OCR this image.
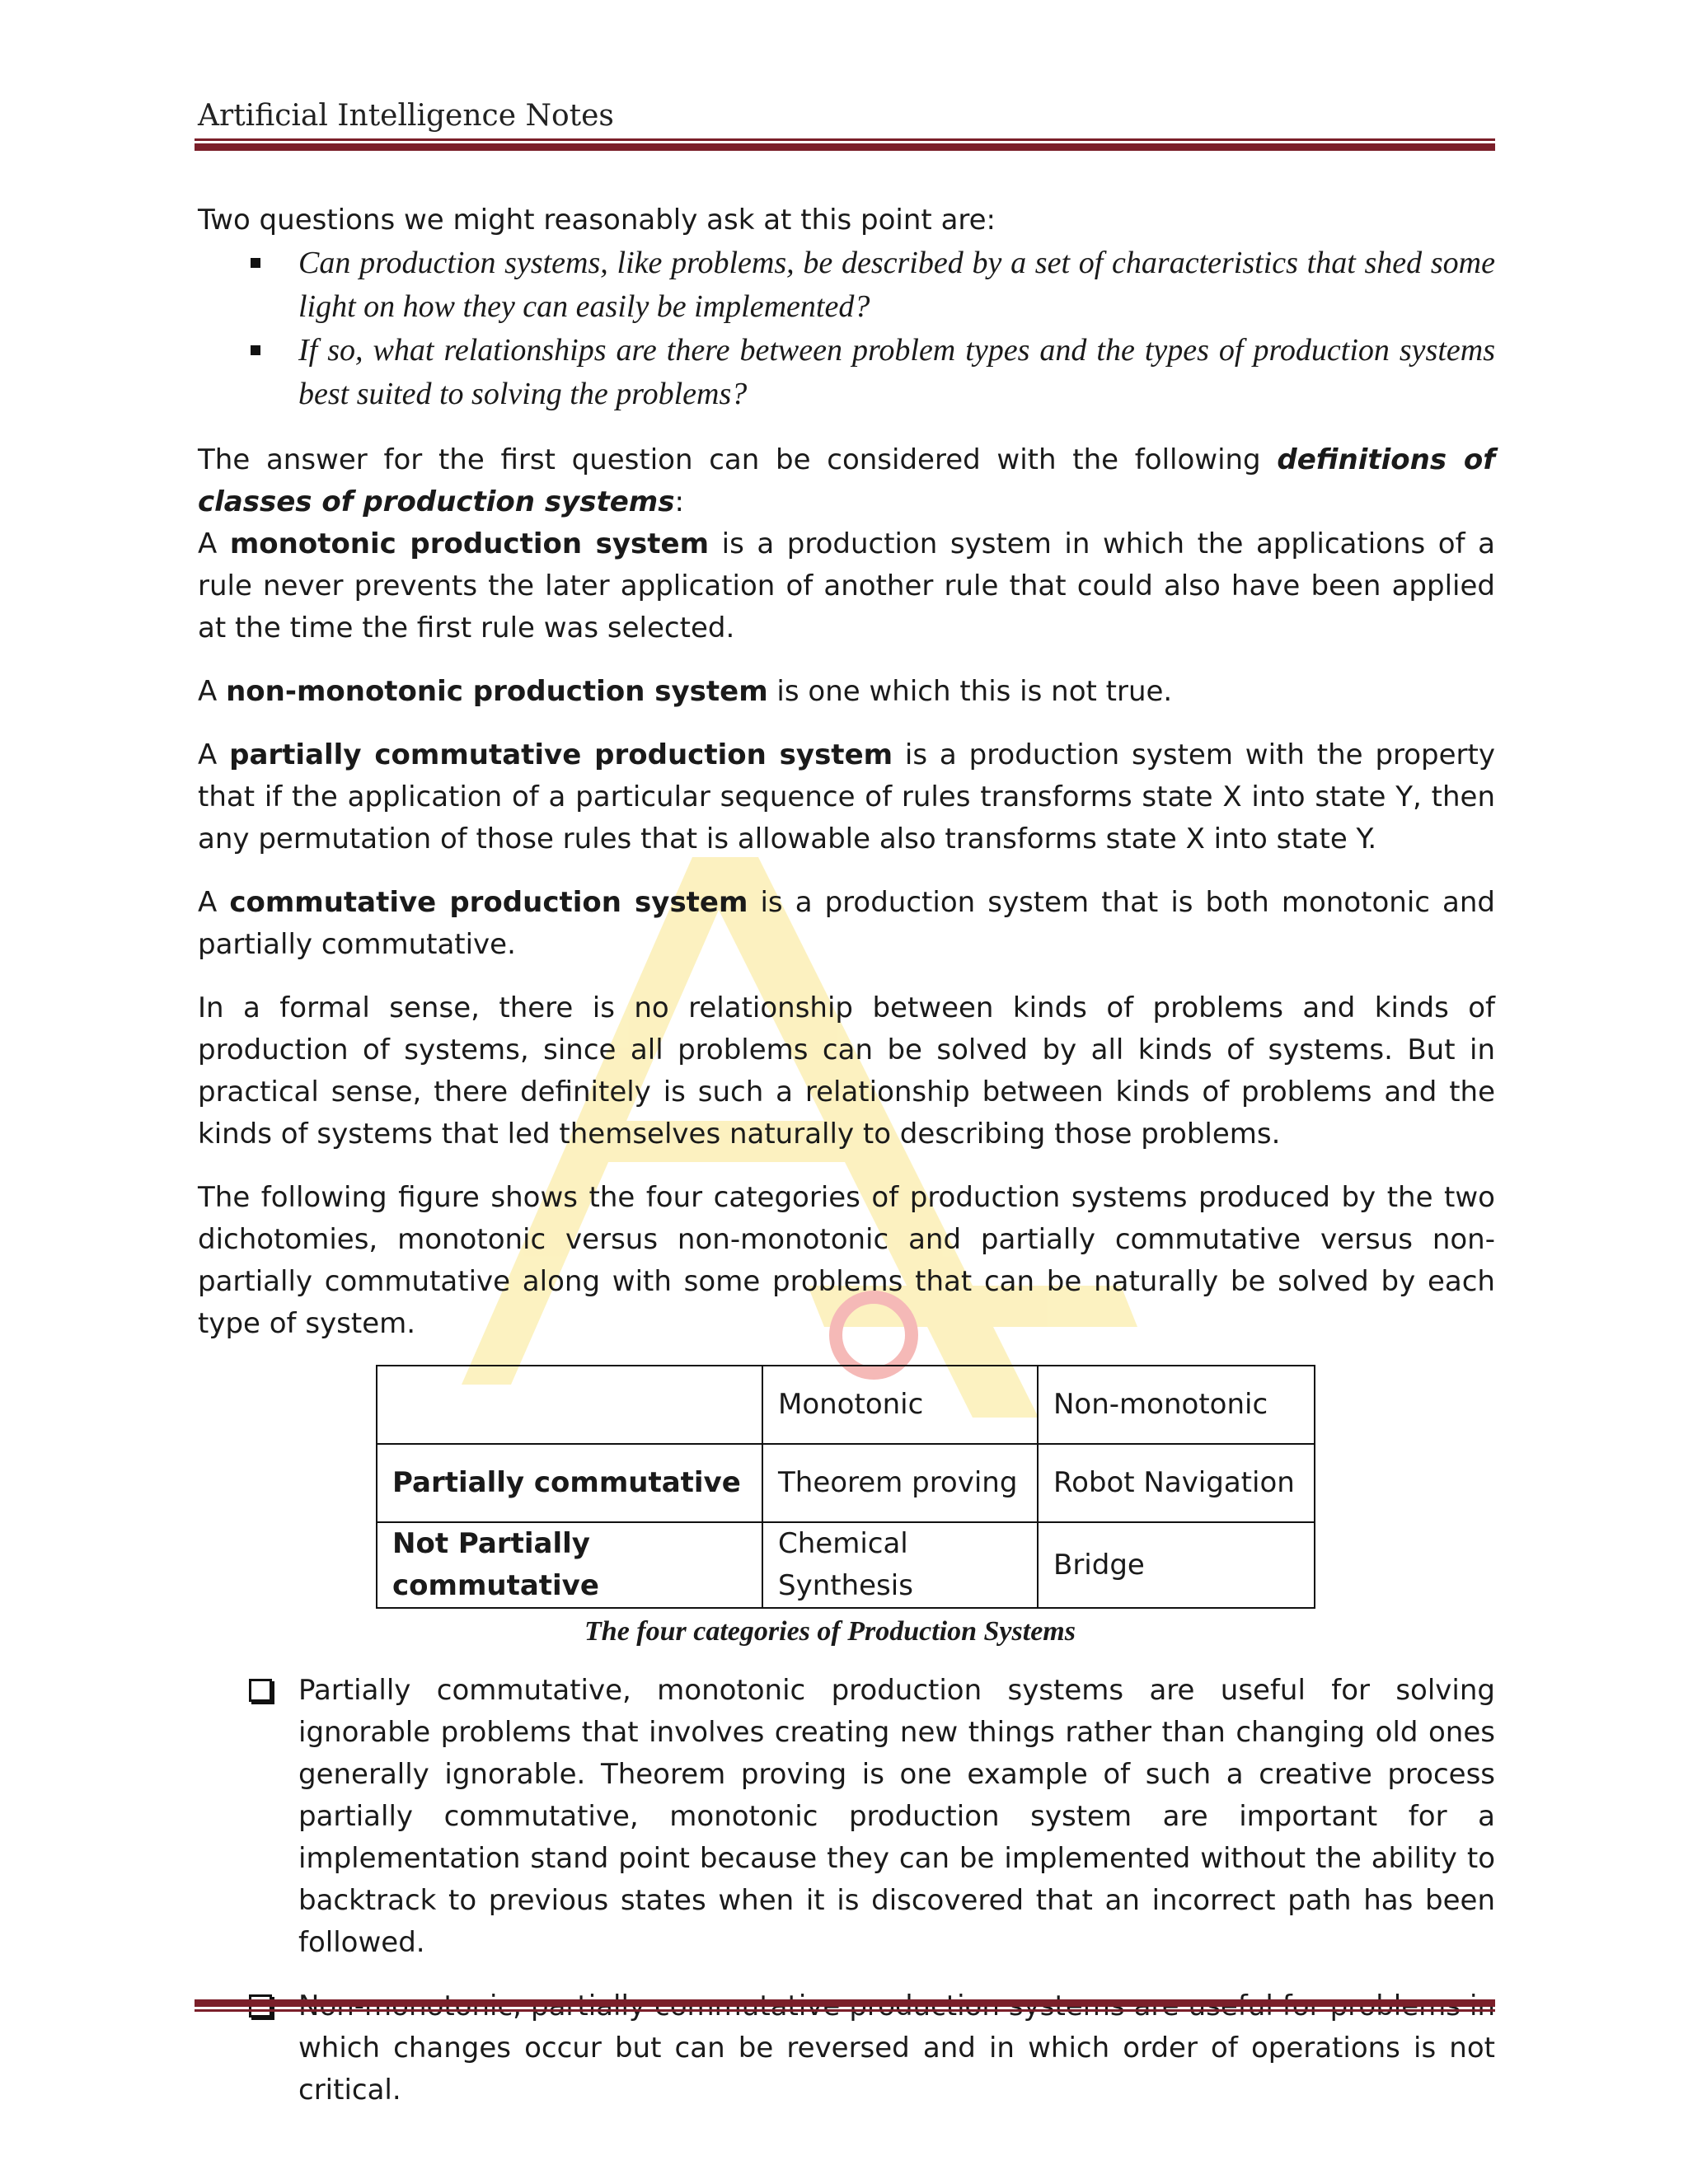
Artificial Intelligence Notes

Two questions we might reasonably ask at this point are:

Can production systems, like problems, be described by a set of characteristics that shed some light on how they can easily be implemented?
If so, what relationships are there between problem types and the types of production systems best suited to solving the problems?

The answer for the first question can be considered with the following definitions of classes of production systems:

A monotonic production system is a production system in which the applications of a rule never prevents the later application of another rule that could also have been applied at the time the first rule was selected.

A non-monotonic production system is one which this is not true.

A partially commutative production system is a production system with the property that if the application of a particular sequence of rules transforms state X into state Y, then any permutation of those rules that is allowable also transforms state X into state Y.

A commutative production system is a production system that is both monotonic and partially commutative.

In a formal sense, there is no relationship between kinds of problems and kinds of production of systems, since all problems can be solved by all kinds of systems. But in practical sense, there definitely is such a relationship between kinds of problems and the kinds of systems that led themselves naturally to describing those problems.

The following figure shows the four categories of production systems produced by the two dichotomies, monotonic versus non-monotonic and partially commutative versus non-partially commutative along with some problems that can be naturally be solved by each type of system.

	Monotonic	Non-monotonic
Partially commutative	Theorem proving	Robot Navigation
Not Partially commutative	Chemical Synthesis	Bridge
The four categories of Production Systems
Partially commutative, monotonic production systems are useful for solving ignorable problems that involves creating new things rather than changing old ones generally ignorable. Theorem proving is one example of such a creative process partially commutative, monotonic production system are important for a implementation stand point because they can be implemented without the ability to backtrack to previous states when it is discovered that an incorrect path has been followed.
which changes occur but can be reversed and in which order of operations is not critical.
